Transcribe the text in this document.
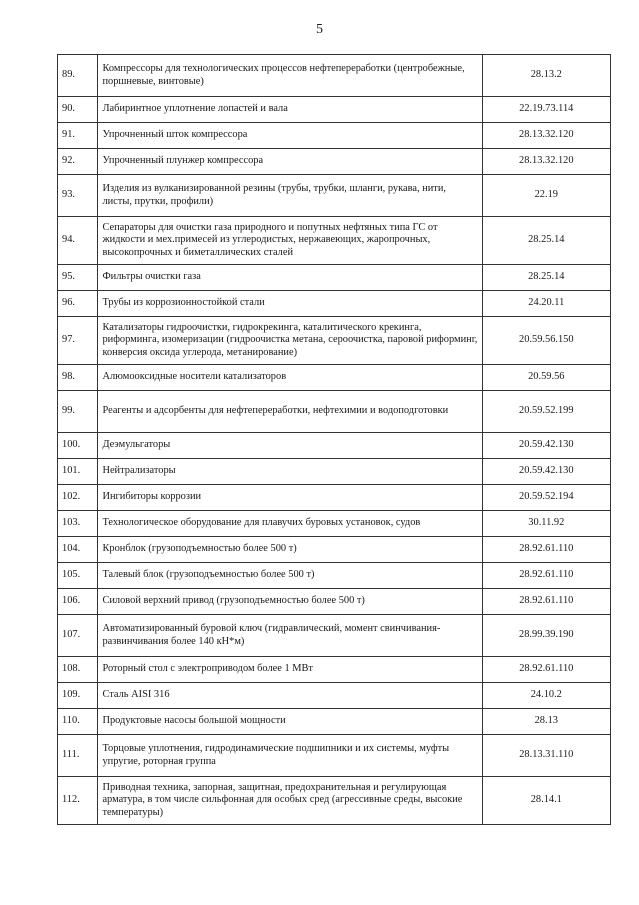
5
89.	Компрессоры для технологических процессов нефтепереработки (центробежные, поршневые, винтовые)	28.13.2
90.	Лабиринтное уплотнение лопастей и вала	22.19.73.114
91.	Упрочненный шток компрессора	28.13.32.120
92.	Упрочненный плунжер компрессора	28.13.32.120
93.	Изделия из вулканизированной резины (трубы, трубки, шланги, рукава, нити, листы, прутки, профили)	22.19
94.	Сепараторы для очистки газа природного и попутных нефтяных типа ГС от жидкости и мех.примесей из углеродистых, нержавеющих, жаропрочных, высокопрочных и биметаллических сталей	28.25.14
95.	Фильтры очистки газа	28.25.14
96.	Трубы из коррозионностойкой стали	24.20.11
97.	Катализаторы гидроочистки, гидрокрекинга, каталитического крекинга, риформинга, изомеризации (гидроочистка метана, сероочистка, паровой риформинг, конверсия оксида углерода, метанирование)	20.59.56.150
98.	Алюмооксидные носители катализаторов	20.59.56
99.	Реагенты и адсорбенты для нефтепереработки, нефтехимии и водоподготовки	20.59.52.199
100.	Деэмульгаторы	20.59.42.130
101.	Нейтрализаторы	20.59.42.130
102.	Ингибиторы коррозии	20.59.52.194
103.	Технологическое оборудование для плавучих буровых установок, судов	30.11.92
104.	Кронблок (грузоподъемностью более 500 т)	28.92.61.110
105.	Талевый блок (грузоподъемностью более 500 т)	28.92.61.110
106.	Силовой верхний привод (грузоподъемностью более 500 т)	28.92.61.110
107.	Автоматизированный буровой ключ (гидравлический, момент свинчивания-развинчивания более 140 кН*м)	28.99.39.190
108.	Роторный стол с электроприводом более 1 МВт	28.92.61.110
109.	Сталь AISI 316	24.10.2
110.	Продуктовые насосы большой мощности	28.13
111.	Торцовые уплотнения, гидродинамические подшипники и их системы, муфты упругие, роторная группа	28.13.31.110
112.	Приводная техника, запорная, защитная, предохранительная и регулирующая арматура, в том числе сильфонная для особых сред (агрессивные среды, высокие температуры)	28.14.1
